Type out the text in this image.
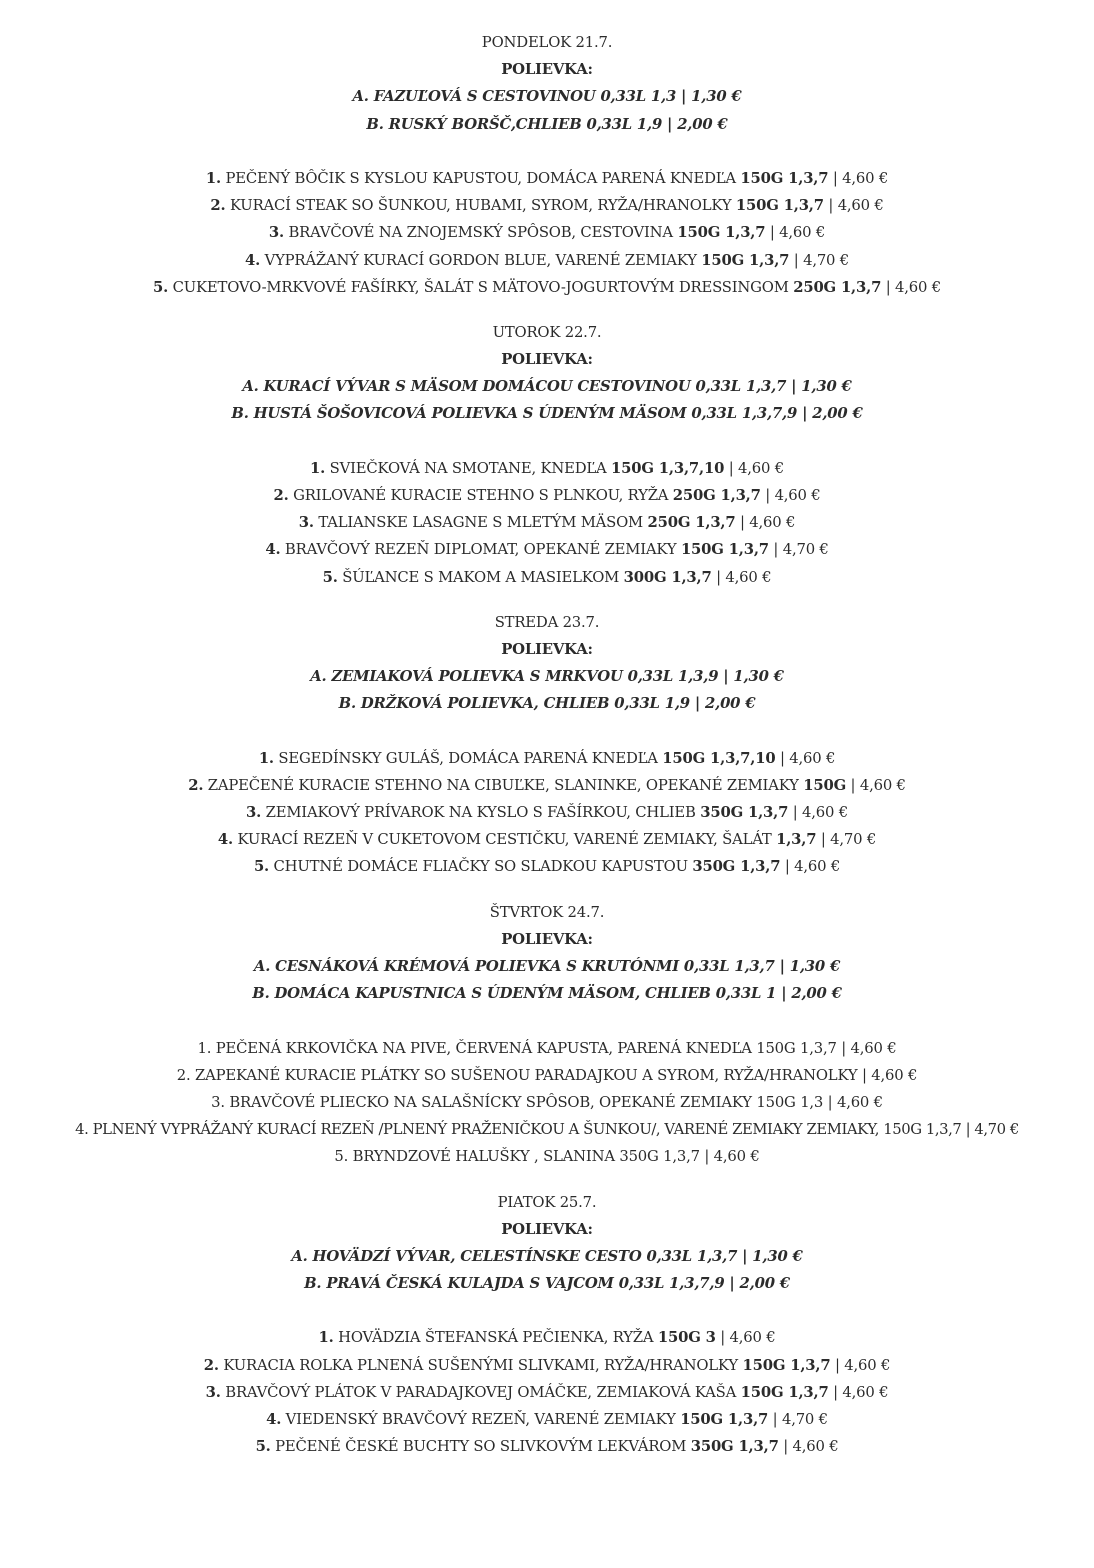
PONDELOK 21.7.
POLIEVKA:
A. FAZUĽOVÁ S CESTOVINOU 0,33L 1,3 | 1,30 €
B. RUSKÝ BORŠČ,CHLIEB 0,33L 1,9 | 2,00 €
1. PEČENÝ BÔČIK S KYSLOU KAPUSTOU, DOMÁCA PARENÁ KNEDĽA 150G 1,3,7 | 4,60 €
2. KURACÍ STEAK SO ŠUNKOU, HUBAMI, SYROM, RYŽA/HRANOLKY 150G 1,3,7 | 4,60 €
3. BRAVČOVÉ NA ZNOJEMSKÝ SPÔSOB, CESTOVINA 150G 1,3,7 | 4,60 €
4. VYPRÁŽANÝ KURACÍ GORDON BLUE, VARENÉ ZEMIAKY 150G 1,3,7 | 4,70 €
5. CUKETOVO-MRKVOVÉ FAŠÍRKY, ŠALÁT S MÄTOVO-JOGURTOVÝM DRESSINGOM 250G 1,3,7 | 4,60 €
UTOROK 22.7.
POLIEVKA:
A. KURACÍ VÝVAR S MÄSOM DOMÁCOU CESTOVINOU 0,33L 1,3,7 | 1,30 €
B. HUSTÁ ŠOŠOVICOVÁ POLIEVKA S ÚDENÝM MÄSOM 0,33L 1,3,7,9 | 2,00 €
1. SVIEČKOVÁ NA SMOTANE, KNEDĽA 150G 1,3,7,10 | 4,60 €
2. GRILOVANÉ KURACIE STEHNO S PLNKOU, RYŽA 250G 1,3,7 | 4,60 €
3. TALIANSKE LASAGNE S MLETÝM MÄSOM 250G 1,3,7 | 4,60 €
4. BRAVČOVÝ REZEŇ DIPLOMAT, OPEKANÉ ZEMIAKY 150G 1,3,7 | 4,70 €
5. ŠÚĽANCE S MAKOM A MASIELKOM 300G 1,3,7 | 4,60 €
STREDA 23.7.
POLIEVKA:
A. ZEMIAKOVÁ POLIEVKA S MRKVOU 0,33L 1,3,9 | 1,30 €
B. DRŽKOVÁ POLIEVKA, CHLIEB 0,33L 1,9 | 2,00 €
1. SEGEDÍNSKY GULÁŠ, DOMÁCA PARENÁ KNEDĽA 150G 1,3,7,10 | 4,60 €
2. ZAPEČENÉ KURACIE STEHNO NA CIBUĽKE, SLANINKE, OPEKANÉ ZEMIAKY 150G | 4,60 €
3. ZEMIAKOVÝ PRÍVAROK NA KYSLO S FAŠÍRKOU, CHLIEB 350G 1,3,7 | 4,60 €
4. KURACÍ REZEŇ V CUKETOVOM CESTIČKU, VARENÉ ZEMIAKY, ŠALÁT 1,3,7 | 4,70 €
5. CHUTNÉ DOMÁCE FLIAČKY SO SLADKOU KAPUSTOU 350G 1,3,7 | 4,60 €
ŠTVRTOK 24.7.
POLIEVKA:
A. CESNÁKOVÁ KRÉMOVÁ POLIEVKA S KRUTÓNMI 0,33L 1,3,7 | 1,30 €
B. DOMÁCA KAPUSTNICA S ÚDENÝM MÄSOM, CHLIEB 0,33L 1 | 2,00 €
1. PEČENÁ KRKOVIČKA NA PIVE, ČERVENÁ KAPUSTA, PARENÁ KNEDĽA 150G 1,3,7 | 4,60 €
2. ZAPEKANÉ KURACIE PLÁTKY SO SUŠENOU PARADAJKOU A SYROM, RYŽA/HRANOLKY | 4,60 €
3. BRAVČOVÉ PLIECKO NA SALAŠNÍCKY SPÔSOB, OPEKANÉ ZEMIAKY 150G 1,3 | 4,60 €
4. PLNENÝ VYPRÁŽANÝ KURACÍ REZEŇ /PLNENÝ PRAŽENIČKOU A ŠUNKOU/, VARENÉ ZEMIAKY ZEMIAKY, 150G 1,3,7 | 4,70 €
5. BRYNDZOVÉ HALUŠKY , SLANINA 350G 1,3,7 | 4,60 €
PIATOK 25.7.
POLIEVKA:
A. HOVÄDZÍ VÝVAR, CELESTÍNSKE CESTO 0,33L 1,3,7 | 1,30 €
B. PRAVÁ ČESKÁ KULAJDA S VAJCOM 0,33L 1,3,7,9 | 2,00 €
1. HOVÄDZIA ŠTEFANSKÁ PEČIENKA, RYŽA 150G 3 | 4,60 €
2. KURACIA ROLKA PLNENÁ SUŠENÝMI SLIVKAMI, RYŽA/HRANOLKY 150G 1,3,7 | 4,60 €
3. BRAVČOVÝ PLÁTOK V PARADAJKOVEJ OMÁČKE, ZEMIAKOVÁ KAŠA 150G 1,3,7 | 4,60 €
4. VIEDENSKÝ BRAVČOVÝ REZEŇ, VARENÉ ZEMIAKY 150G 1,3,7 | 4,70 €
5. PEČENÉ ČESKÉ BUCHTY SO SLIVKOVÝM LEKVÁROM 350G 1,3,7 | 4,60 €
